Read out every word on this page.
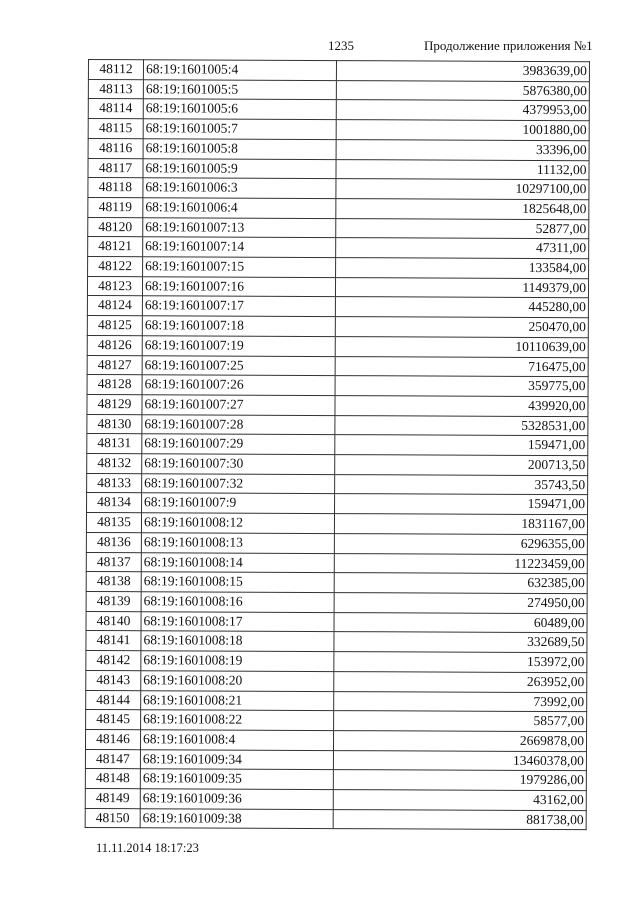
1235	Продолжение приложения №1
48112	68:19:1601005:4	3983639,00
48113	68:19:1601005:5	5876380,00
48114	68:19:1601005:6	4379953,00
48115	68:19:1601005:7	1001880,00
48116	68:19:1601005:8	33396,00
48117	68:19:1601005:9	11132,00
48118	68:19:1601006:3	10297100,00
48119	68:19:1601006:4	1825648,00
48120	68:19:1601007:13	52877,00
48121	68:19:1601007:14	47311,00
48122	68:19:1601007:15	133584,00
48123	68:19:1601007:16	1149379,00
48124	68:19:1601007:17	445280,00
48125	68:19:1601007:18	250470,00
48126	68:19:1601007:19	10110639,00
48127	68:19:1601007:25	716475,00
48128	68:19:1601007:26	359775,00
48129	68:19:1601007:27	439920,00
48130	68:19:1601007:28	5328531,00
48131	68:19:1601007:29	159471,00
48132	68:19:1601007:30	200713,50
48133	68:19:1601007:32	35743,50
48134	68:19:1601007:9	159471,00
48135	68:19:1601008:12	1831167,00
48136	68:19:1601008:13	6296355,00
48137	68:19:1601008:14	11223459,00
48138	68:19:1601008:15	632385,00
48139	68:19:1601008:16	274950,00
48140	68:19:1601008:17	60489,00
48141	68:19:1601008:18	332689,50
48142	68:19:1601008:19	153972,00
48143	68:19:1601008:20	263952,00
48144	68:19:1601008:21	73992,00
48145	68:19:1601008:22	58577,00
48146	68:19:1601008:4	2669878,00
48147	68:19:1601009:34	13460378,00
48148	68:19:1601009:35	1979286,00
48149	68:19:1601009:36	43162,00
48150	68:19:1601009:38	881738,00
11.11.2014 18:17:23
